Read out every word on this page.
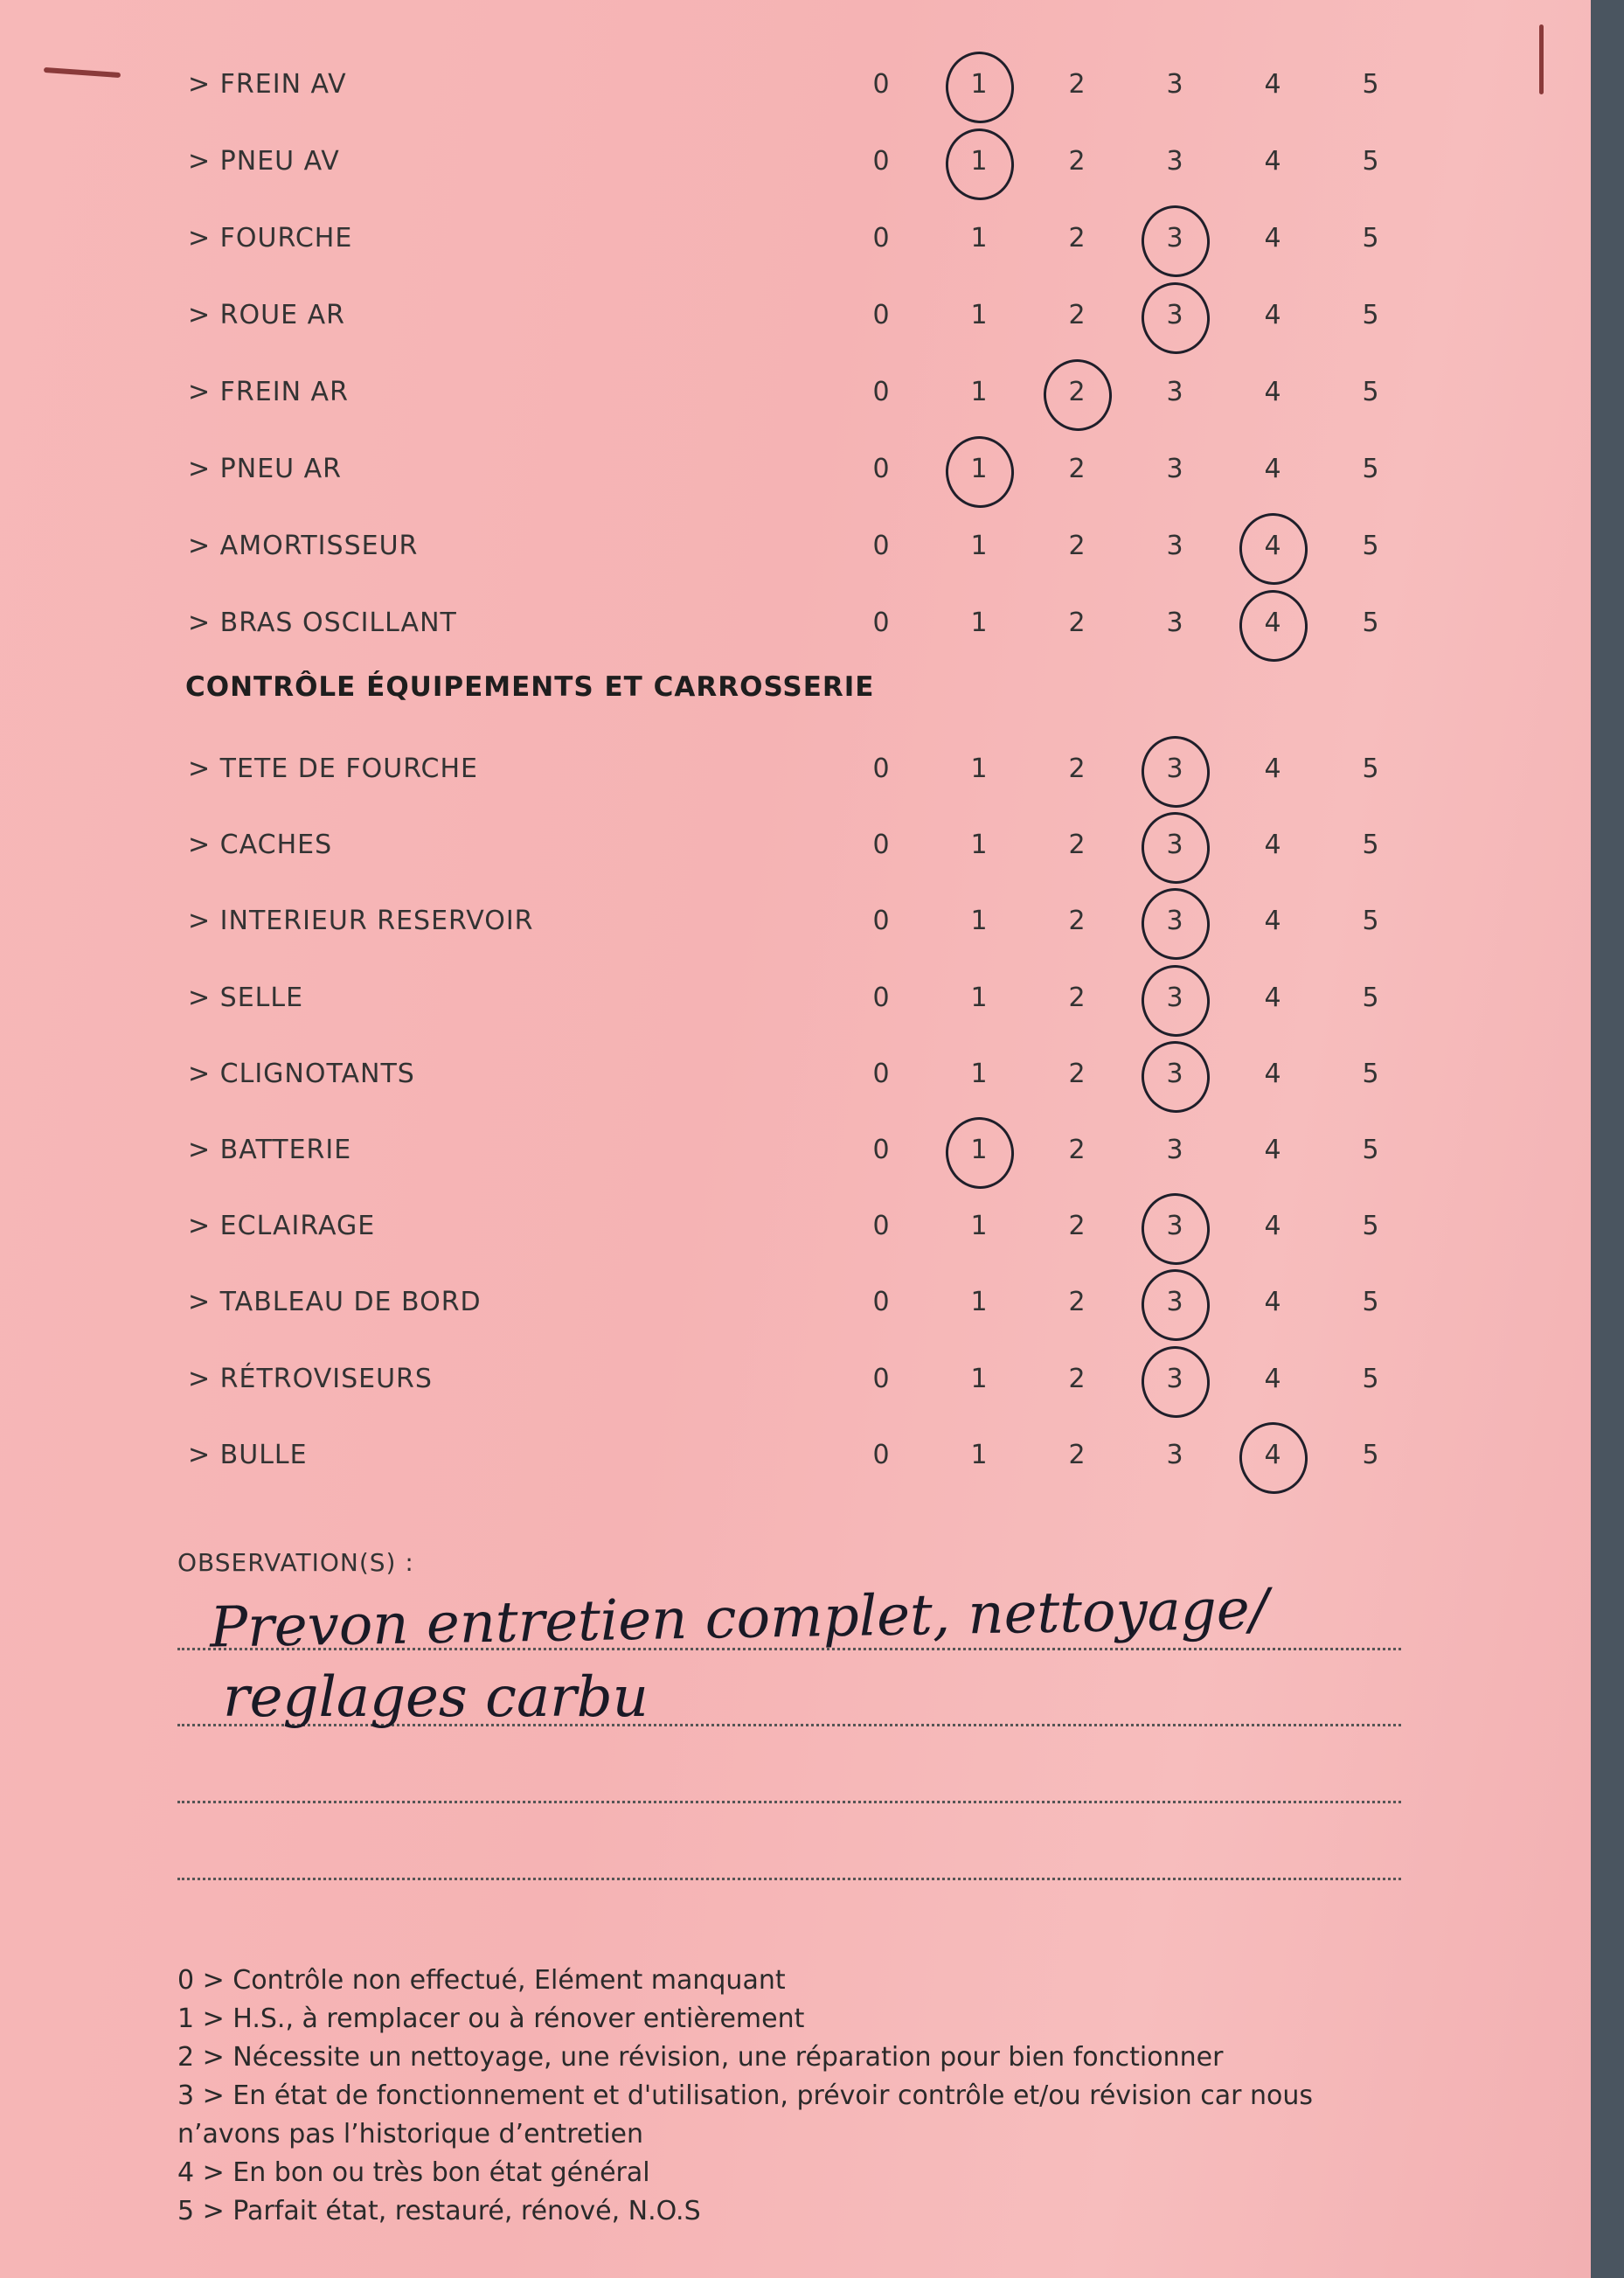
> FREIN AV	0	1	2	3	4	5
> PNEU AV	0	1	2	3	4	5
> FOURCHE	0	1	2	3	4	5
> ROUE AR	0	1	2	3	4	5
> FREIN AR	0	1	2	3	4	5
> PNEU AR	0	1	2	3	4	5
> AMORTISSEUR	0	1	2	3	4	5
> BRAS OSCILLANT	0	1	2	3	4	5
CONTRÔLE ÉQUIPEMENTS ET CARROSSERIE
> TETE DE FOURCHE	0	1	2	3	4	5
> CACHES	0	1	2	3	4	5
> INTERIEUR RESERVOIR	0	1	2	3	4	5
> SELLE	0	1	2	3	4	5
> CLIGNOTANTS	0	1	2	3	4	5
> BATTERIE	0	1	2	3	4	5
> ECLAIRAGE	0	1	2	3	4	5
> TABLEAU DE BORD	0	1	2	3	4	5
> RÉTROVISEURS	0	1	2	3	4	5
> BULLE	0	1	2	3	4	5
OBSERVATION(S) :
Prevon entretien complet, nettoyage/
reglages carbu
0 > Contrôle non effectué, Elément manquant
1 > H.S., à remplacer ou à rénover entièrement
2 > Nécessite un nettoyage, une révision, une réparation pour bien fonctionner
3 > En état de fonctionnement et d'utilisation, prévoir contrôle et/ou révision car nous
n’avons pas l’historique d’entretien
4 > En bon ou très bon état général
5 > Parfait état, restauré, rénové, N.O.S
